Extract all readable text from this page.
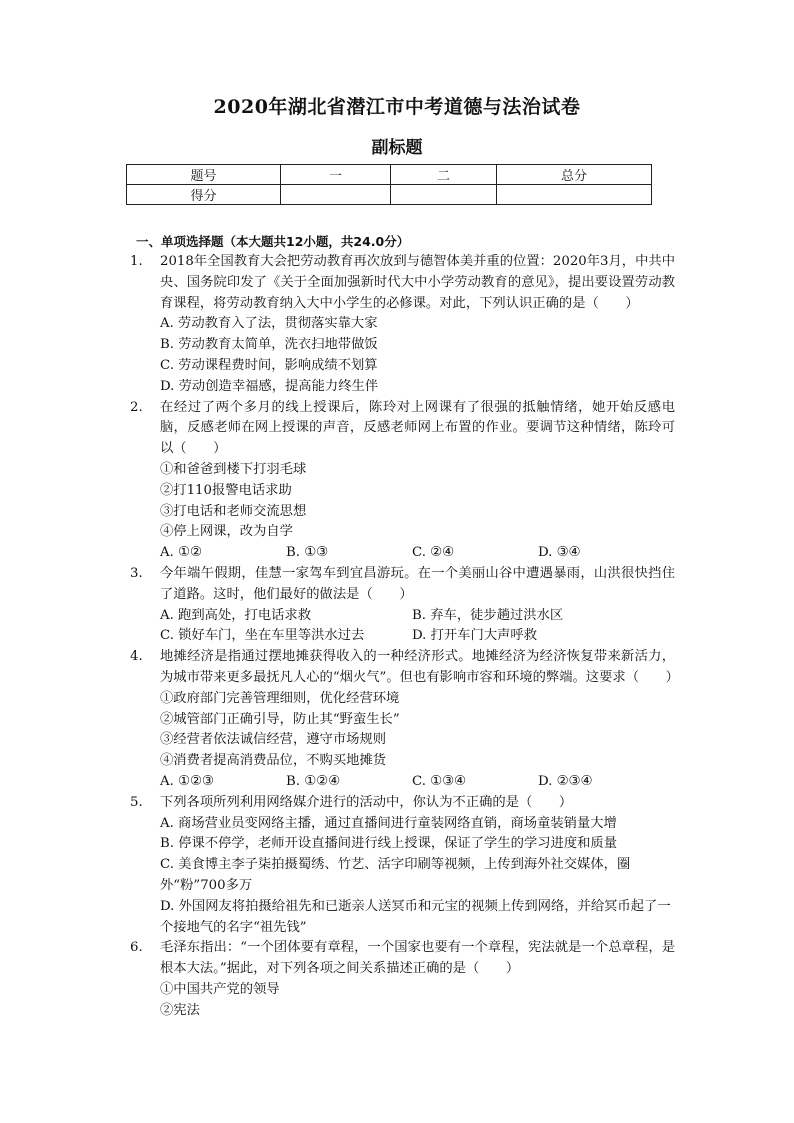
2020年湖北省潜江市中考道德与法治试卷
副标题
题号	一	二	总分
得分			
一、单项选择题（本大题共12小题，共24.0分）
1. 2018年全国教育大会把劳动教育再次放到与德智体美并重的位置：2020年3月，中共中央、国务院印发了《关于全面加强新时代大中小学劳动教育的意见》，提出要设置劳动教育课程，将劳动教育纳入大中小学生的必修课。对此，下列认识正确的是（　　）
A. 劳动教育入了法，贯彻落实靠大家
B. 劳动教育太简单，洗衣扫地带做饭
C. 劳动课程费时间，影响成绩不划算
D. 劳动创造幸福感，提高能力终生伴
2. 在经过了两个多月的线上授课后，陈玲对上网课有了很强的抵触情绪，她开始反感电脑，反感老师在网上授课的声音，反感老师网上布置的作业。要调节这种情绪，陈玲可以（　　）
①和爸爸到楼下打羽毛球
②打110报警电话求助
③打电话和老师交流思想
④停上网课，改为自学
A. ①②	B. ①③	C. ②④	D. ③④
3. 今年端午假期，佳慧一家驾车到宜昌游玩。在一个美丽山谷中遭遇暴雨，山洪很快挡住了道路。这时，他们最好的做法是（　　）
A. 跑到高处，打电话求救	B. 弃车，徒步趟过洪水区
C. 锁好车门，坐在车里等洪水过去	D. 打开车门大声呼救
4. 地摊经济是指通过摆地摊获得收入的一种经济形式。地摊经济为经济恢复带来新活力，为城市带来更多最抚凡人心的“烟火气”。但也有影响市容和环境的弊端。这要求（　　）
①政府部门完善管理细则，优化经营环境
②城管部门正确引导，防止其“野蛮生长”
③经营者依法诚信经营，遵守市场规则
④消费者提高消费品位，不购买地摊货
A. ①②③	B. ①②④	C. ①③④	D. ②③④
5. 下列各项所列利用网络媒介进行的活动中，你认为不正确的是（　　）
A. 商场营业员变网络主播，通过直播间进行童装网络直销，商场童装销量大增
B. 停课不停学，老师开设直播间进行线上授课，保证了学生的学习进度和质量
C. 美食博主李子柒拍摄蜀绣、竹艺、活字印刷等视频，上传到海外社交媒体，圈外“粉”700多万
D. 外国网友将拍摄给祖先和已逝亲人送冥币和元宝的视频上传到网络，并给冥币起了一个接地气的名字“祖先钱”
6. 毛泽东指出：“一个团体要有章程，一个国家也要有一个章程，宪法就是一个总章程，是根本大法。”据此，对下列各项之间关系描述正确的是（　　）
①中国共产党的领导
②宪法
